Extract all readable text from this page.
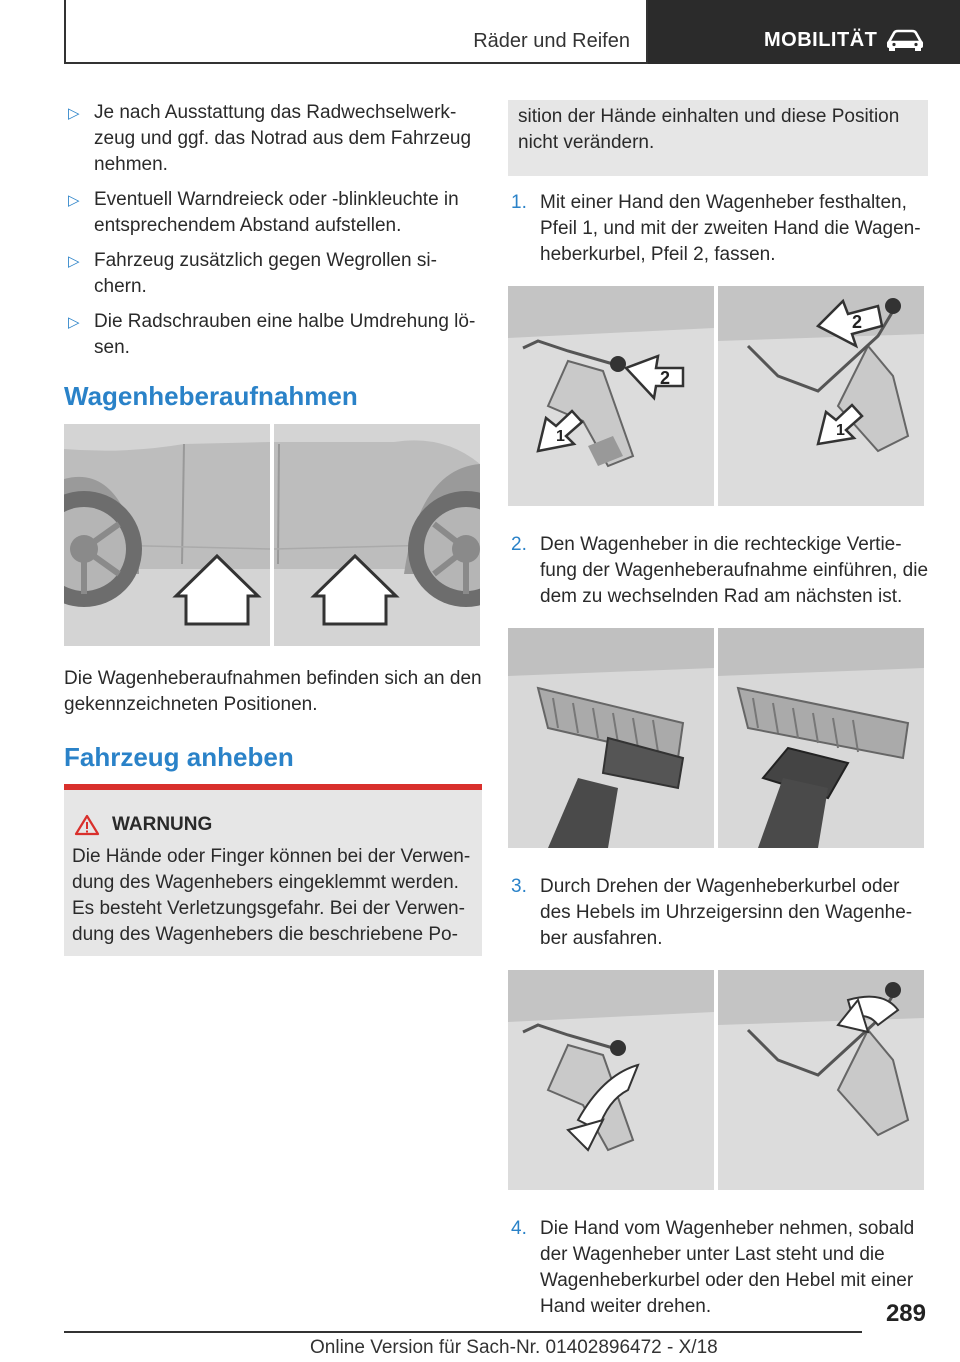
Räder und Reifen	MOBILITÄT
▷ Je nach Ausstattung das Radwechselwerkzeug und ggf. das Notrad aus dem Fahrzeug nehmen.
▷ Eventuell Warndreieck oder -blinkleuchte in entsprechendem Abstand aufstellen.
▷ Fahrzeug zusätzlich gegen Wegrollen sichern.
▷ Die Radschrauben eine halbe Umdrehung lösen.
Wagenheberaufnahmen
Die Wagenheberaufnahmen befinden sich an den gekennzeichneten Positionen.
Fahrzeug anheben
WARNUNG
Die Hände oder Finger können bei der Verwendung des Wagenhebers eingeklemmt werden. Es besteht Verletzungsgefahr. Bei der Verwendung des Wagenhebers die beschriebene Po-
sition der Hände einhalten und diese Position nicht verändern.
1. Mit einer Hand den Wagenheber festhalten, Pfeil 1, und mit der zweiten Hand die Wagenheberkurbel, Pfeil 2, fassen.
1
2
1
2
2. Den Wagenheber in die rechteckige Vertiefung der Wagenheberaufnahme einführen, die dem zu wechselnden Rad am nächsten ist.
3. Durch Drehen der Wagenheberkurbel oder des Hebels im Uhrzeigersinn den Wagenheber ausfahren.
4. Die Hand vom Wagenheber nehmen, sobald der Wagenheber unter Last steht und die Wagenheberkurbel oder den Hebel mit einer Hand weiter drehen.	289
Online Version für Sach-Nr. 01402896472 - X/18
